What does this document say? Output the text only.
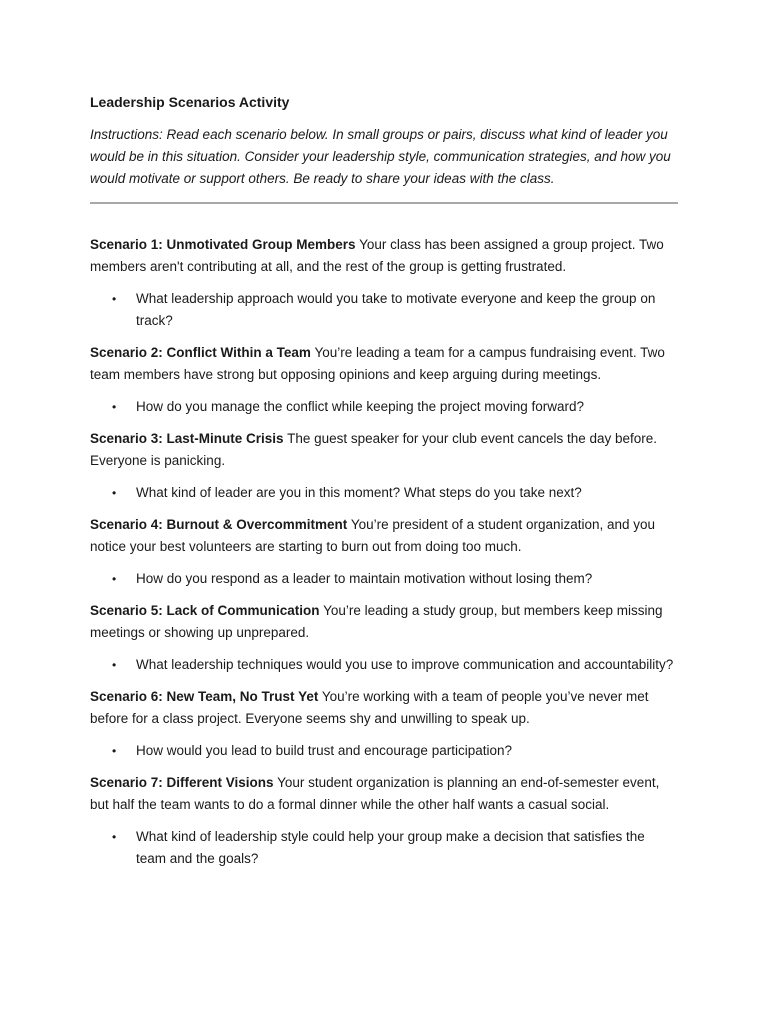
Leadership Scenarios Activity

Instructions: Read each scenario below. In small groups or pairs, discuss what kind of leader you would be in this situation. Consider your leadership style, communication strategies, and how you would motivate or support others. Be ready to share your ideas with the class.

Scenario 1: Unmotivated Group Members Your class has been assigned a group project. Two members aren't contributing at all, and the rest of the group is getting frustrated.

• What leadership approach would you take to motivate everyone and keep the group on track?

Scenario 2: Conflict Within a Team You’re leading a team for a campus fundraising event. Two team members have strong but opposing opinions and keep arguing during meetings.

• How do you manage the conflict while keeping the project moving forward?

Scenario 3: Last-Minute Crisis The guest speaker for your club event cancels the day before. Everyone is panicking.

• What kind of leader are you in this moment? What steps do you take next?

Scenario 4: Burnout & Overcommitment You’re president of a student organization, and you notice your best volunteers are starting to burn out from doing too much.

• How do you respond as a leader to maintain motivation without losing them?

Scenario 5: Lack of Communication You’re leading a study group, but members keep missing meetings or showing up unprepared.

• What leadership techniques would you use to improve communication and accountability?

Scenario 6: New Team, No Trust Yet You’re working with a team of people you’ve never met before for a class project. Everyone seems shy and unwilling to speak up.

• How would you lead to build trust and encourage participation?

Scenario 7: Different Visions Your student organization is planning an end-of-semester event, but half the team wants to do a formal dinner while the other half wants a casual social.

• What kind of leadership style could help your group make a decision that satisfies the team and the goals?
